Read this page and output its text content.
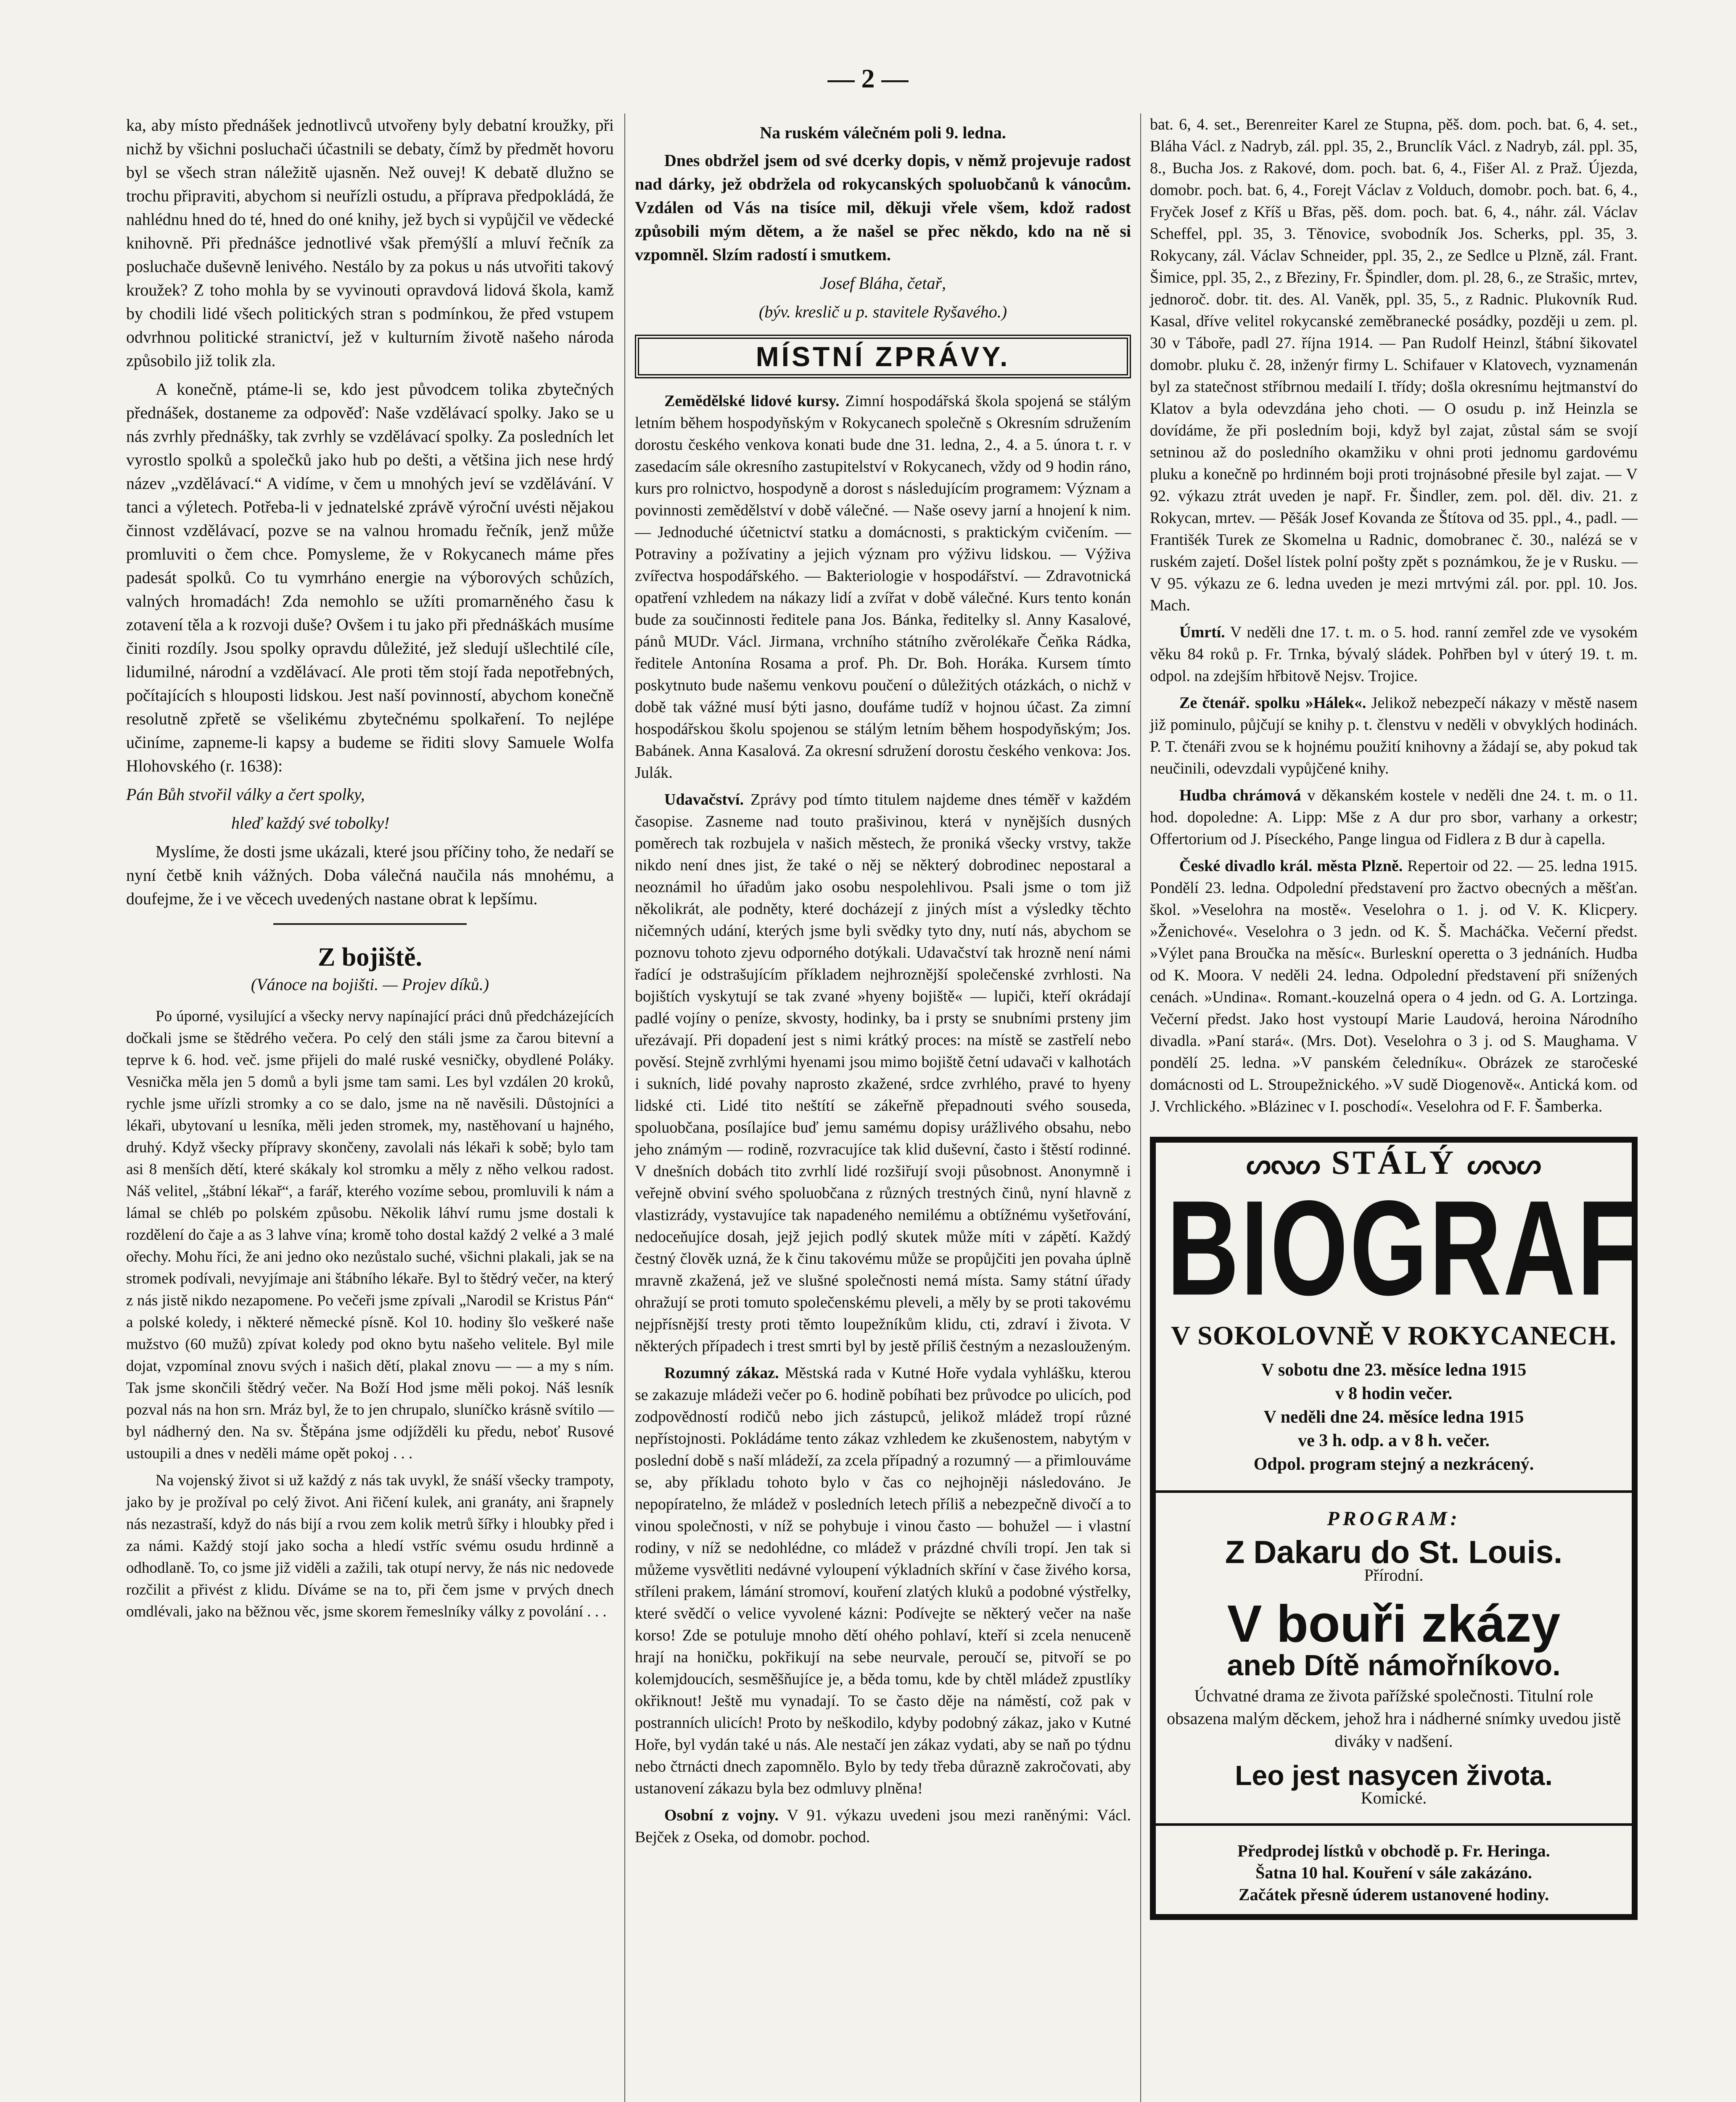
— 2 —

ka, aby místo přednášek jednotlivců utvořeny byly debatní kroužky, při nichž by všichni posluchači účastnili se debaty, čímž by předmět hovoru byl se všech stran náležitě ujasněn. Než ouvej! K debatě dlužno se trochu připraviti, abychom si neuřízli ostudu, a příprava předpokládá, že nahlédnu hned do té, hned do oné knihy, jež bych si vypůjčil ve vědecké knihovně. Při přednášce jednotlivé však přemýšlí a mluví řečník za posluchače duševně lenivého. Nestálo by za pokus u nás utvořiti takový kroužek? Z toho mohla by se vyvinouti opravdová lidová škola, kamž by chodili lidé všech politických stran s podmínkou, že před vstupem odvrhnou politické stranictví, jež v kulturním životě našeho národa způsobilo již tolik zla.

A konečně, ptáme-li se, kdo jest původcem tolika zbytečných přednášek, dostaneme za odpověď: Naše vzdělávací spolky. Jako se u nás zvrhly přednášky, tak zvrhly se vzdělávací spolky. Za posledních let vyrostlo spolků a společků jako hub po dešti, a většina jich nese hrdý název „vzdělávací.“ A vidíme, v čem u mnohých jeví se vzdělávání. V tanci a výletech. Potřeba-li v jednatelské zprávě výroční uvésti nějakou činnost vzdělávací, pozve se na valnou hromadu řečník, jenž může promluviti o čem chce. Pomysleme, že v Rokycanech máme přes padesát spolků. Co tu vymrháno energie na výborových schůzích, valných hromadách! Zda nemohlo se užíti promarněného času k zotavení těla a k rozvoji duše? Ovšem i tu jako při přednáškách musíme činiti rozdíly. Jsou spolky opravdu důležité, jež sledují ušlechtilé cíle, lidumilné, národní a vzdělávací. Ale proti těm stojí řada nepotřebných, počítajících s hlouposti lidskou. Jest naší povinností, abychom konečně resolutně zpřetě se všelikému zbytečnému spolkaření. To nejlépe učiníme, zapneme-li kapsy a budeme se řiditi slovy Samuele Wolfa Hlohovského (r. 1638):

Pán Bůh stvořil války a čert spolky,

hleď každý své tobolky!

Myslíme, že dosti jsme ukázali, které jsou příčiny toho, že nedaří se nyní četbě knih vážných. Doba válečná naučila nás mnohému, a doufejme, že i ve věcech uvedených nastane obrat k lepšímu.

Z bojiště.
(Vánoce na bojišti. — Projev díků.)

Po úporné, vysilující a všecky nervy napínající práci dnů předcházejících dočkali jsme se štědrého večera. Po celý den stáli jsme za čarou bitevní a teprve k 6. hod. več. jsme přijeli do malé ruské vesničky, obydlené Poláky. Vesnička měla jen 5 domů a byli jsme tam sami. Les byl vzdálen 20 kroků, rychle jsme uřízli stromky a co se dalo, jsme na ně navěsili. Důstojníci a lékaři, ubytovaní u lesníka, měli jeden stromek, my, nastěhovaní u hajného, druhý. Když všecky přípravy skončeny, zavolali nás lékaři k sobě; bylo tam asi 8 menších dětí, které skákaly kol stromku a měly z něho velkou radost. Náš velitel, „štábní lékař“, a farář, kterého vozíme sebou, promluvili k nám a lámal se chléb po polském způsobu. Několik láhví rumu jsme dostali k rozdělení do čaje a as 3 lahve vína; kromě toho dostal každý 2 velké a 3 malé ořechy. Mohu říci, že ani jedno oko nezůstalo suché, všichni plakali, jak se na stromek podívali, nevyjímaje ani štábního lékaře. Byl to štědrý večer, na který z nás jistě nikdo nezapomene. Po večeři jsme zpívali „Narodil se Kristus Pán“ a polské koledy, i některé německé písně. Kol 10. hodiny šlo veškeré naše mužstvo (60 mužů) zpívat koledy pod okno bytu našeho velitele. Byl mile dojat, vzpomínal znovu svých i našich dětí, plakal znovu — — a my s ním. Tak jsme skončili štědrý večer. Na Boží Hod jsme měli pokoj. Náš lesník pozval nás na hon srn. Mráz byl, že to jen chrupalo, sluníčko krásně svítilo — byl nádherný den. Na sv. Štěpána jsme odjížděli ku předu, neboť Rusové ustoupili a dnes v neděli máme opět pokoj . . .

Na vojenský život si už každý z nás tak uvykl, že snáší všecky trampoty, jako by je prožíval po celý život. Ani řičení kulek, ani granáty, ani šrapnely nás nezastraší, když do nás bijí a rvou zem kolik metrů šířky i hloubky před i za námi. Každý stojí jako socha a hledí vstříc svému osudu hrdinně a odhodlaně. To, co jsme již viděli a zažili, tak otupí nervy, že nás nic nedovede rozčilit a přivést z klidu. Díváme se na to, při čem jsme v prvých dnech omdlévali, jako na běžnou věc, jsme skorem řemeslníky války z povolání . . .

Na ruském válečném poli 9. ledna.

Dnes obdržel jsem od své dcerky dopis, v němž projevuje radost nad dárky, jež obdržela od rokycanských spoluobčanů k vánocům. Vzdálen od Vás na tisíce mil, děkuji vřele všem, kdož radost způsobili mým dětem, a že našel se přec někdo, kdo na ně si vzpomněl. Slzím radostí i smutkem.

Josef Bláha, četař,

(býv. kreslič u p. stavitele Ryšavého.)

MÍSTNÍ ZPRÁVY.

Zemědělské lidové kursy. Zimní hospodářská škola spojená se stálým letním během hospodyňským v Rokycanech společně s Okresním sdružením dorostu českého venkova konati bude dne 31. ledna, 2., 4. a 5. února t. r. v zasedacím sále okresního zastupitelství v Rokycanech, vždy od 9 hodin ráno, kurs pro rolnictvo, hospodyně a dorost s následujícím programem: Význam a povinnosti zemědělství v době válečné. — Naše osevy jarní a hnojení k nim. — Jednoduché účetnictví statku a domácnosti, s praktickým cvičením. — Potraviny a požívatiny a jejich význam pro výživu lidskou. — Výživa zvířectva hospodářského. — Bakteriologie v hospodářství. — Zdravotnická opatření vzhledem na nákazy lidí a zvířat v době válečné. Kurs tento konán bude za součinnosti ředitele pana Jos. Bánka, ředitelky sl. Anny Kasalové, pánů MUDr. Václ. Jirmana, vrchního státního zvěrolékaře Čeňka Rádka, ředitele Antonína Rosama a prof. Ph. Dr. Boh. Horáka. Kursem tímto poskytnuto bude našemu venkovu poučení o důležitých otázkách, o nichž v době tak vážné musí býti jasno, doufáme tudíž v hojnou účast. Za zimní hospodářskou školu spojenou se stálým letním během hospodyňským; Jos. Babánek. Anna Kasalová. Za okresní sdružení dorostu českého venkova: Jos. Julák.

Udavačství. Zprávy pod tímto titulem najdeme dnes téměř v každém časopise. Zasneme nad touto prašivinou, která v nynějších dusných poměrech tak rozbujela v našich městech, že proniká všecky vrstvy, takže nikdo není dnes jist, že také o něj se některý dobrodinec nepostaral a neoznámil ho úřadům jako osobu nespolehlivou. Psali jsme o tom již několikrát, ale podněty, které docházejí z jiných míst a výsledky těchto ničemných udání, kterých jsme byli svědky tyto dny, nutí nás, abychom se poznovu tohoto zjevu odporného dotýkali. Udavačství tak hrozně není námi řadící je odstrašujícím příkladem nejhroznější společenské zvrhlosti. Na bojištích vyskytují se tak zvané »hyeny bojiště« — lupiči, kteří okrádají padlé vojíny o peníze, skvosty, hodinky, ba i prsty se snubními prsteny jim uřezávají. Při dopadení jest s nimi krátký proces: na místě se zastřelí nebo pověsí. Stejně zvrhlými hyenami jsou mimo bojiště četní udavači v kalhotách i sukních, lidé povahy naprosto zkažené, srdce zvrhlého, pravé to hyeny lidské cti. Lidé tito neštítí se zákeřně přepadnouti svého souseda, spoluobčana, posílajíce buď jemu samému dopisy urážlivého obsahu, nebo jeho známým — rodině, rozvracujíce tak klid duševní, často i štěstí rodinné. V dnešních dobách tito zvrhlí lidé rozšiřují svoji působnost. Anonymně i veřejně obviní svého spoluobčana z různých trestných činů, nyní hlavně z vlastizrády, vystavujíce tak napadeného nemilému a obtížnému vyšetřování, nedoceňujíce dosah, jejž jejich podlý skutek může míti v zápětí. Každý čestný člověk uzná, že k činu takovému může se propůjčiti jen povaha úplně mravně zkažená, jež ve slušné společnosti nemá místa. Samy státní úřady ohražují se proti tomuto společenskému pleveli, a měly by se proti takovému nejpřísnější tresty proti těmto loupežníkům klidu, cti, zdraví i života. V některých případech i trest smrti byl by jestě příliš čestným a nezaslouženým.

Rozumný zákaz. Městská rada v Kutné Hoře vydala vyhlášku, kterou se zakazuje mládeži večer po 6. hodině pobíhati bez průvodce po ulicích, pod zodpovědností rodičů nebo jich zástupců, jelikož mládež tropí různé nepřístojnosti. Pokládáme tento zákaz vzhledem ke zkušenostem, nabytým v poslední době s naší mládeží, za zcela případný a rozumný — a přimlouváme se, aby příkladu tohoto bylo v čas co nejhojněji následováno. Je nepopíratelno, že mládež v posledních letech příliš a nebezpečně divočí a to vinou společnosti, v níž se pohybuje i vinou často — bohužel — i vlastní rodiny, v níž se nedohlédne, co mládež v prázdné chvíli tropí. Jen tak si můžeme vysvětliti nedávné vyloupení výkladních skříní v čase živého korsa, stříleni prakem, lámání stromoví, kouření zlatých kluků a podobné výstřelky, které svědčí o velice vyvolené kázni: Podívejte se některý večer na naše korso! Zde se potuluje mnoho dětí ohého pohlaví, kteří si zcela nenuceně hrají na honičku, pokřikují na sebe neurvale, peroučí se, pitvoří se po kolemjdoucích, sesměšňujíce je, a běda tomu, kde by chtěl mládež zpustlíky okřiknout! Ještě mu vynadají. To se často děje na náměstí, což pak v postranních ulicích! Proto by neškodilo, kdyby podobný zákaz, jako v Kutné Hoře, byl vydán také u nás. Ale nestačí jen zákaz vydati, aby se naň po týdnu nebo čtrnácti dnech zapomnělo. Bylo by tedy třeba důrazně zakročovati, aby ustanovení zákazu byla bez odmluvy plněna!

Osobní z vojny. V 91. výkazu uvedeni jsou mezi raněnými: Václ. Bejček z Oseka, od domobr. pochod.

bat. 6, 4. set., Berenreiter Karel ze Stupna, pěš. dom. poch. bat. 6, 4. set., Bláha Václ. z Nadryb, zál. ppl. 35, 2., Brunclík Václ. z Nadryb, zál. ppl. 35, 8., Bucha Jos. z Rakové, dom. poch. bat. 6, 4., Fišer Al. z Praž. Újezda, domobr. poch. bat. 6, 4., Forejt Václav z Volduch, domobr. poch. bat. 6, 4., Fryček Josef z Kříš u Břas, pěš. dom. poch. bat. 6, 4., náhr. zál. Václav Scheffel, ppl. 35, 3. Těnovice, svobodník Jos. Scherks, ppl. 35, 3. Rokycany, zál. Václav Schneider, ppl. 35, 2., ze Sedlce u Plzně, zál. Frant. Šimice, ppl. 35, 2., z Březiny, Fr. Špindler, dom. pl. 28, 6., ze Strašic, mrtev, jednoroč. dobr. tit. des. Al. Vaněk, ppl. 35, 5., z Radnic. Plukovník Rud. Kasal, dříve velitel rokycanské zeměbranecké posádky, později u zem. pl. 30 v Táboře, padl 27. října 1914. — Pan Rudolf Heinzl, štábní šikovatel domobr. pluku č. 28, inženýr firmy L. Schifauer v Klatovech, vyznamenán byl za statečnost stříbrnou medailí I. třídy; došla okresnímu hejtmanství do Klatov a byla odevzdána jeho choti. — O osudu p. inž Heinzla se dovídáme, že při posledním boji, když byl zajat, zůstal sám se svojí setninou až do posledního okamžiku v ohni proti jednomu gardovému pluku a konečně po hrdinném boji proti trojnásobné přesile byl zajat. — V 92. výkazu ztrát uveden je např. Fr. Šindler, zem. pol. děl. div. 21. z Rokycan, mrtev. — Pěšák Josef Kovanda ze Štítova od 35. ppl., 4., padl. — Františék Turek ze Skomelna u Radnic, domobranec č. 30., nalézá se v ruském zajetí. Došel lístek polní pošty zpět s poznámkou, že je v Rusku. — V 95. výkazu ze 6. ledna uveden je mezi mrtvými zál. por. ppl. 10. Jos. Mach.

Úmrtí. V neděli dne 17. t. m. o 5. hod. ranní zemřel zde ve vysokém věku 84 roků p. Fr. Trnka, bývalý sládek. Pohřben byl v úterý 19. t. m. odpol. na zdejším hřbitově Nejsv. Trojice.

Ze čtenář. spolku »Hálek«. Jelikož nebezpečí nákazy v městě nasem již pominulo, půjčují se knihy p. t. členstvu v neděli v obvyklých hodinách. P. T. čtenáři zvou se k hojnému použití knihovny a žádají se, aby pokud tak neučinili, odevzdali vypůjčené knihy.

Hudba chrámová v děkanském kostele v neděli dne 24. t. m. o 11. hod. dopoledne: A. Lipp: Mše z A dur pro sbor, varhany a orkestr; Offertorium od J. Píseckého, Pange lingua od Fidlera z B dur à capella.

České divadlo král. města Plzně. Repertoir od 22. — 25. ledna 1915. Pondělí 23. ledna. Odpolední představení pro žactvo obecných a měšťan. škol. »Veselohra na mostě«. Veselohra o 1. j. od V. K. Klicpery. »Ženichové«. Veselohra o 3 jedn. od K. Š. Macháčka. Večerní předst. »Výlet pana Broučka na měsíc«. Burleskní operetta o 3 jednáních. Hudba od K. Moora. V neděli 24. ledna. Odpolední představení při snížených cenách. »Undina«. Romant.-kouzelná opera o 4 jedn. od G. A. Lortzinga. Večerní předst. Jako host vystoupí Marie Laudová, heroina Národního divadla. »Paní stará«. (Mrs. Dot). Veselohra o 3 j. od S. Maughama. V pondělí 25. ledna. »V panském čeledníku«. Obrázek ze staročeské domácnosti od L. Stroupežnického. »V sudě Diogenově«. Antická kom. od J. Vrchlického. »Blázinec v I. poschodí«. Veselohra od F. F. Šamberka.

ᔕᔓᔕ STÁLÝ ᔕᔓᔕ
BIOGRAF
V SOKOLOVNĚ V ROKYCANECH.
V sobotu dne 23. měsíce ledna 1915
v 8 hodin večer.
V neděli dne 24. měsíce ledna 1915
ve 3 h. odp. a v 8 h. večer.
Odpol. program stejný a nezkrácený.
PROGRAM:
Z Dakaru do St. Louis.
Přírodní.
V bouři zkázy
aneb Dítě námořníkovo.
Úchvatné drama ze života pařížské společnosti. Titulní role obsazena malým děckem, jehož hra i nádherné snímky uvedou jistě diváky v nadšení.
Leo jest nasycen života.
Komické.
Předprodej lístků v obchodě p. Fr. Heringa.
Šatna 10 hal. Kouření v sále zakázáno.
Začátek přesně úderem ustanovené hodiny.
